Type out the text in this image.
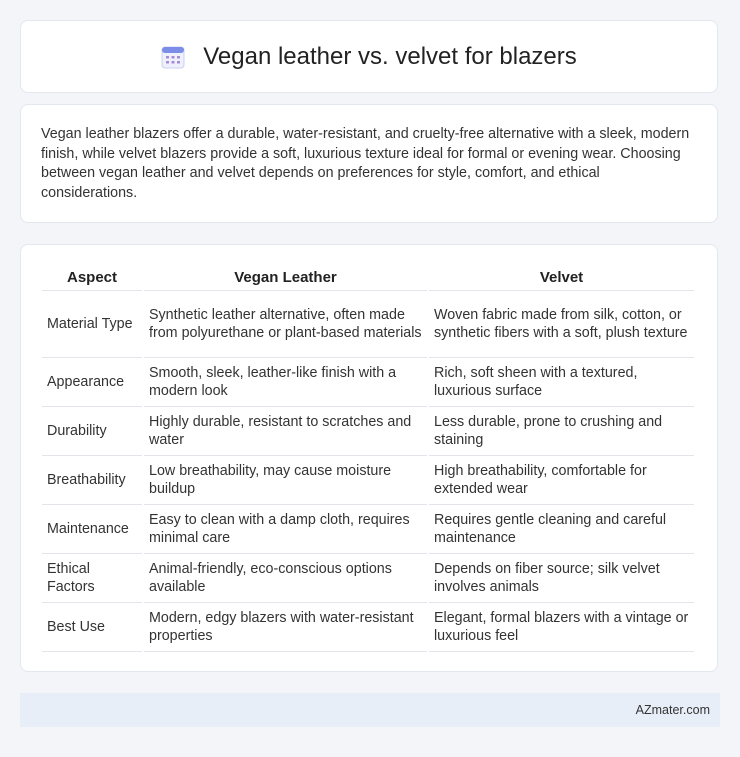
Vegan leather vs. velvet for blazers

Vegan leather blazers offer a durable, water-resistant, and cruelty-free alternative with a sleek, modern finish, while velvet blazers provide a soft, luxurious texture ideal for formal or evening wear. Choosing between vegan leather and velvet depends on preferences for style, comfort, and ethical considerations.

Aspect	Vegan Leather	Velvet
Material Type	Synthetic leather alternative, often made from polyurethane or plant-based materials	Woven fabric made from silk, cotton, or synthetic fibers with a soft, plush texture
Appearance	Smooth, sleek, leather-like finish with a modern look	Rich, soft sheen with a textured, luxurious surface
Durability	Highly durable, resistant to scratches and water	Less durable, prone to crushing and staining
Breathability	Low breathability, may cause moisture buildup	High breathability, comfortable for extended wear
Maintenance	Easy to clean with a damp cloth, requires minimal care	Requires gentle cleaning and careful maintenance
Ethical Factors	Animal-friendly, eco-conscious options available	Depends on fiber source; silk velvet involves animals
Best Use	Modern, edgy blazers with water-resistant properties	Elegant, formal blazers with a vintage or luxurious feel
AZmater.com
